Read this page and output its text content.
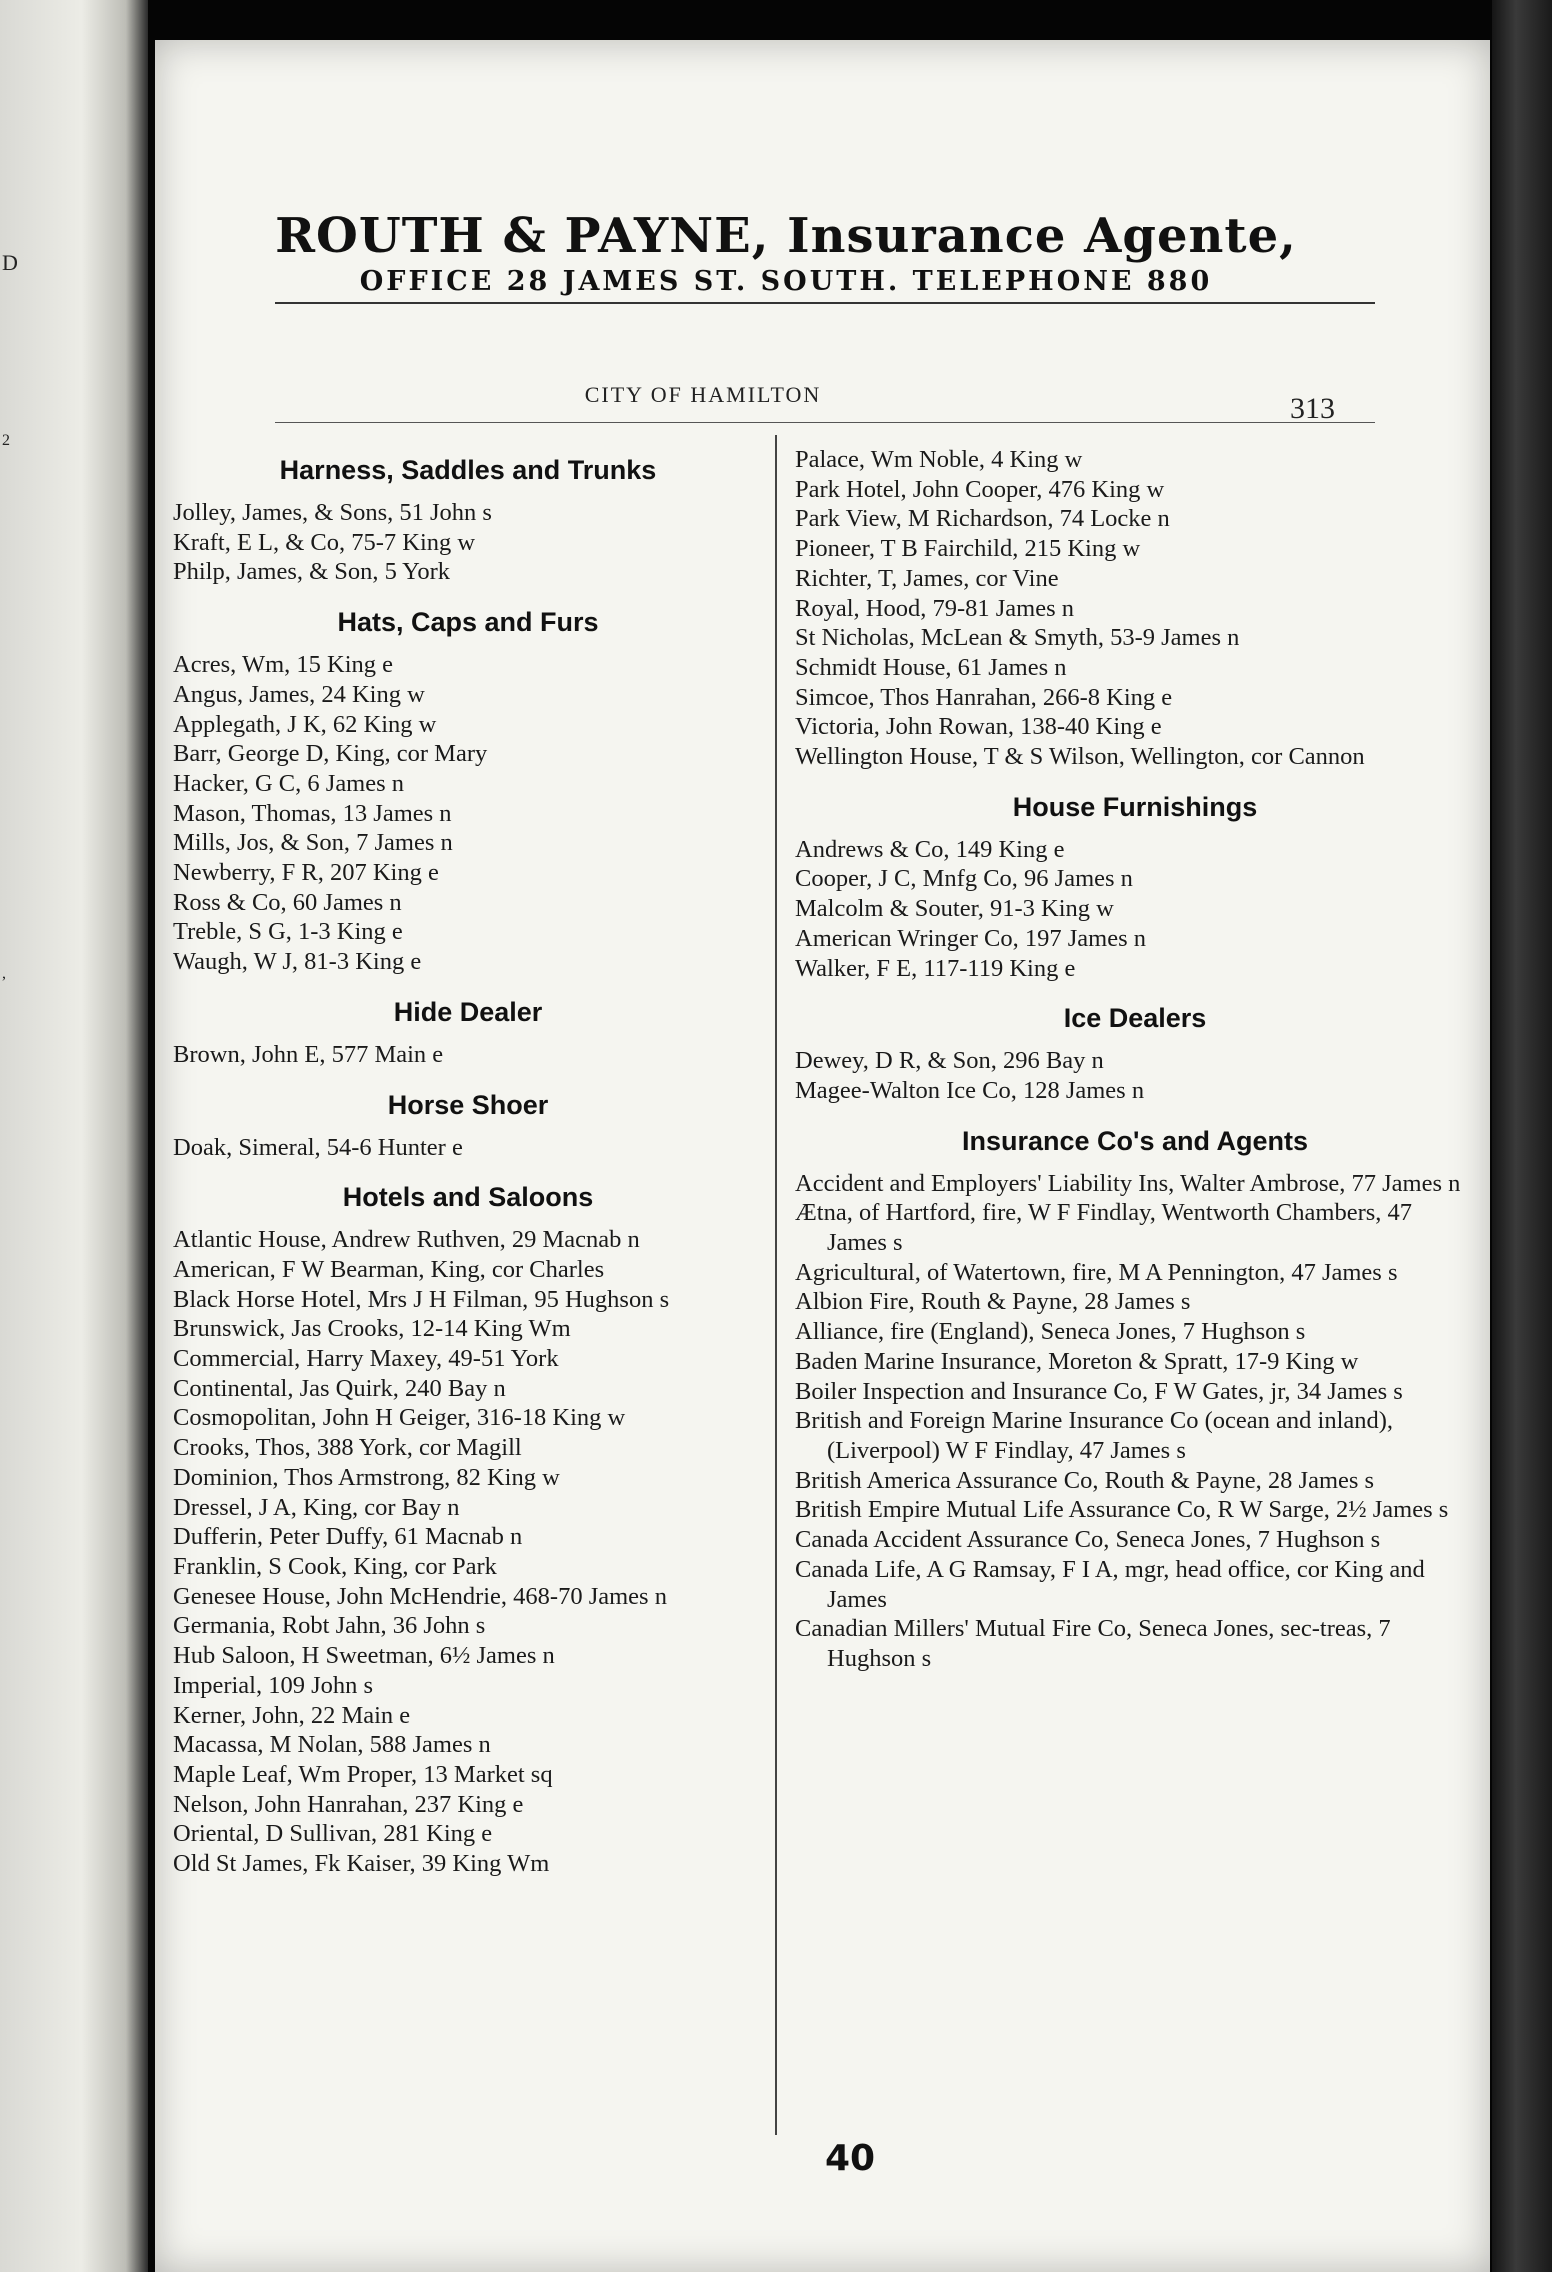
D
2
,
ROUTH & PAYNE, Insurance Agente,
OFFICE 28 JAMES ST. SOUTH. TELEPHONE 880
CITY OF HAMILTON	313
Harness, Saddles and Trunks
Jolley, James, & Sons, 51 John s
Kraft, E L, & Co, 75-7 King w
Philp, James, & Son, 5 York
Hats, Caps and Furs
Acres, Wm, 15 King e
Angus, James, 24 King w
Applegath, J K, 62 King w
Barr, George D, King, cor Mary
Hacker, G C, 6 James n
Mason, Thomas, 13 James n
Mills, Jos, & Son, 7 James n
Newberry, F R, 207 King e
Ross & Co, 60 James n
Treble, S G, 1-3 King e
Waugh, W J, 81-3 King e
Hide Dealer
Brown, John E, 577 Main e
Horse Shoer
Doak, Simeral, 54-6 Hunter e
Hotels and Saloons
Atlantic House, Andrew Ruthven, 29 Macnab n
American, F W Bearman, King, cor Charles
Black Horse Hotel, Mrs J H Filman, 95 Hughson s
Brunswick, Jas Crooks, 12-14 King Wm
Commercial, Harry Maxey, 49-51 York
Continental, Jas Quirk, 240 Bay n
Cosmopolitan, John H Geiger, 316-18 King w
Crooks, Thos, 388 York, cor Magill
Dominion, Thos Armstrong, 82 King w
Dressel, J A, King, cor Bay n
Dufferin, Peter Duffy, 61 Macnab n
Franklin, S Cook, King, cor Park
Genesee House, John McHendrie, 468-70 James n
Germania, Robt Jahn, 36 John s
Hub Saloon, H Sweetman, 6½ James n
Imperial, 109 John s
Kerner, John, 22 Main e
Macassa, M Nolan, 588 James n
Maple Leaf, Wm Proper, 13 Market sq
Nelson, John Hanrahan, 237 King e
Oriental, D Sullivan, 281 King e
Old St James, Fk Kaiser, 39 King Wm
Palace, Wm Noble, 4 King w
Park Hotel, John Cooper, 476 King w
Park View, M Richardson, 74 Locke n
Pioneer, T B Fairchild, 215 King w
Richter, T, James, cor Vine
Royal, Hood, 79-81 James n
St Nicholas, McLean & Smyth, 53-9 James n
Schmidt House, 61 James n
Simcoe, Thos Hanrahan, 266-8 King e
Victoria, John Rowan, 138-40 King e
Wellington House, T & S Wilson, Wellington, cor Cannon
House Furnishings
Andrews & Co, 149 King e
Cooper, J C, Mnfg Co, 96 James n
Malcolm & Souter, 91-3 King w
American Wringer Co, 197 James n
Walker, F E, 117-119 King e
Ice Dealers
Dewey, D R, & Son, 296 Bay n
Magee-Walton Ice Co, 128 James n
Insurance Co's and Agents
Accident and Employers' Liability Ins, Walter Ambrose, 77 James n
Ætna, of Hartford, fire, W F Findlay, Wentworth Chambers, 47 James s
Agricultural, of Watertown, fire, M A Pennington, 47 James s
Albion Fire, Routh & Payne, 28 James s
Alliance, fire (England), Seneca Jones, 7 Hughson s
Baden Marine Insurance, Moreton & Spratt, 17-9 King w
Boiler Inspection and Insurance Co, F W Gates, jr, 34 James s
British and Foreign Marine Insurance Co (ocean and inland), (Liverpool) W F Findlay, 47 James s
British America Assurance Co, Routh & Payne, 28 James s
British Empire Mutual Life Assurance Co, R W Sarge, 2½ James s
Canada Accident Assurance Co, Seneca Jones, 7 Hughson s
Canada Life, A G Ramsay, F I A, mgr, head office, cor King and James
Canadian Millers' Mutual Fire Co, Seneca Jones, sec-treas, 7 Hughson s
40
